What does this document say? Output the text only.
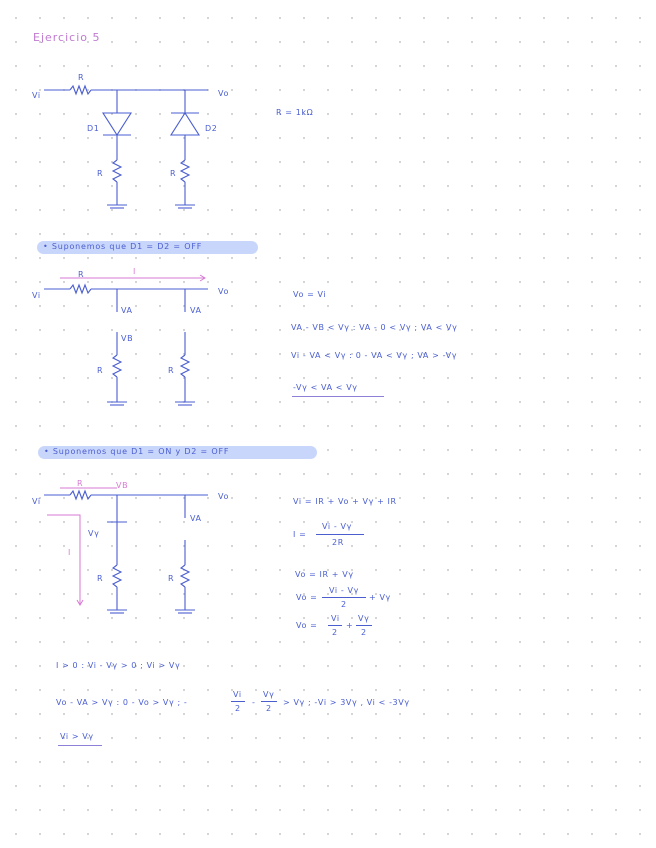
Ejercicio 5
Vi
R
Vo
D1	D2
R	R
R = 1kΩ
• Suponemos que D1 = D2 = OFF
Vi
R	I
Vo
VA	VA
VB
R	R
Vo = Vi
VA - VB < Vγ : VA - 0 < Vγ ; VA < Vγ
Vi - VA < Vγ : 0 - VA < Vγ ; VA > -Vγ
-Vγ < VA < Vγ
• Suponemos que D1 = ON y D2 = OFF
Vi
R	VB
Vo
Vγ
VA
I
R	R
Vi = IR + Vo + Vγ + IR
I =
Vi - Vγ
2R
Vo = IR + Vγ
Vo =
Vi - Vγ
2
+ Vγ
Vo =
Vi
2
+
Vγ
2
I > 0 : Vi - Vγ > 0 ; Vi > Vγ
Vo - VA > Vγ : 0 - Vo > Vγ ; -
Vi
2
-
Vγ
2
> Vγ ; -Vi > 3Vγ , Vi < -3Vγ
Vi > Vγ
